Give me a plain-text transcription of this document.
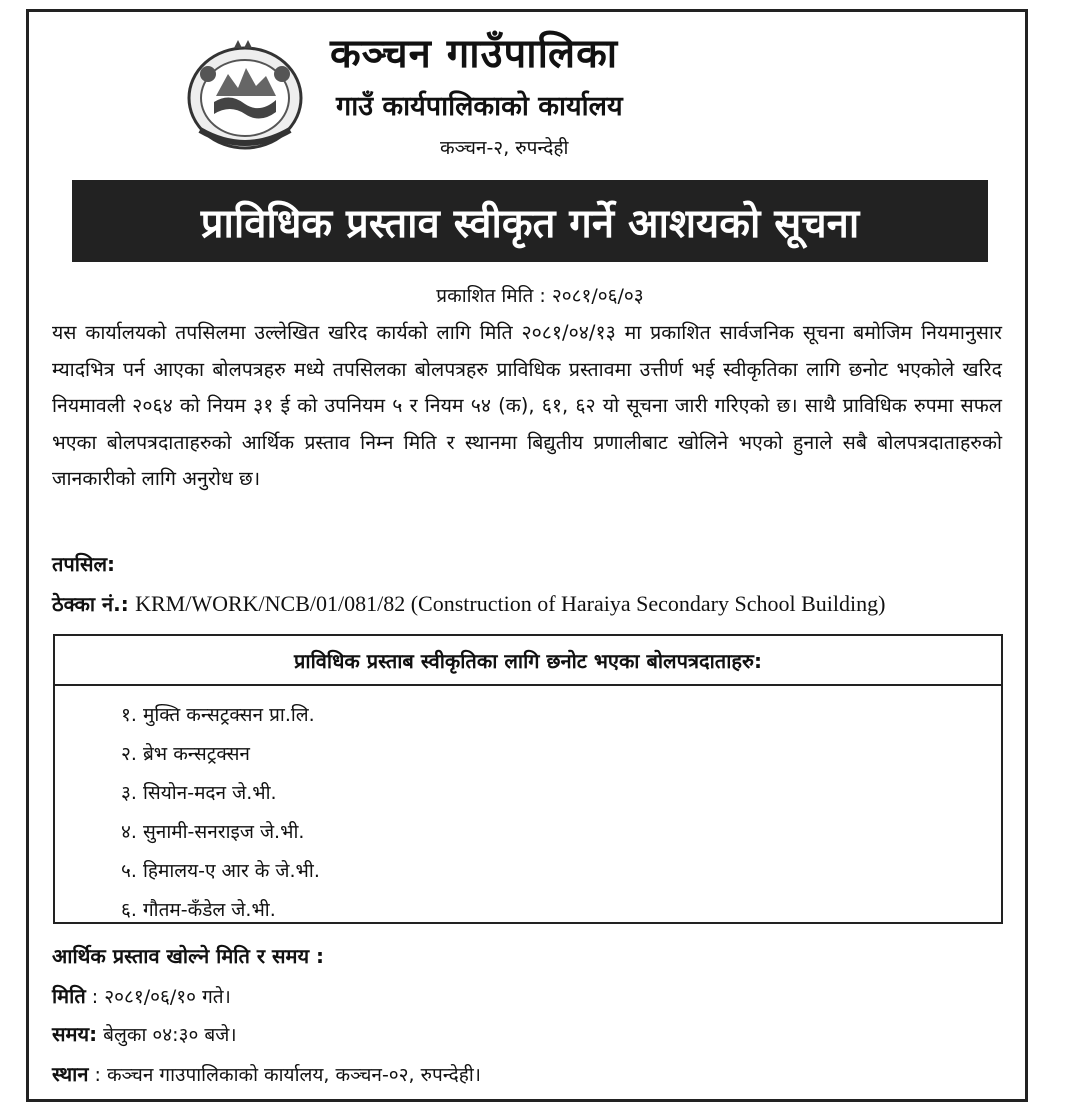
कञ्चन गाउँपालिका
गाउँ कार्यपालिकाको कार्यालय
कञ्चन-२, रुपन्देही
प्राविधिक प्रस्ताव स्वीकृत गर्ने आशयको सूचना
प्रकाशित मिति : २०८१/०६/०३
यस कार्यालयको तपसिलमा उल्लेखित खरिद कार्यको लागि मिति २०८१/०४/१३ मा प्रकाशित सार्वजनिक सूचना बमोजिम नियमानुसार म्यादभित्र पर्न आएका बोलपत्रहरु मध्ये तपसिलका बोलपत्रहरु प्राविधिक प्रस्तावमा उत्तीर्ण भई स्वीकृतिका लागि छनोट भएकोले खरिद नियमावली २०६४ को नियम ३१ ई को उपनियम ५ र नियम ५४ (क), ६१, ६२ यो सूचना जारी गरिएको छ। साथै प्राविधिक रुपमा सफल भएका बोलपत्रदाताहरुको आर्थिक प्रस्ताव निम्न मिति र स्थानमा बिद्युतीय प्रणालीबाट खोलिने भएको हुनाले सबै बोलपत्रदाताहरुको जानकारीको लागि अनुरोध छ।
तपसिल:
ठेक्का नं.: KRM/WORK/NCB/01/081/82 (Construction of Haraiya Secondary School Building)
प्राविधिक प्रस्ताब स्वीकृतिका लागि छनोट भएका बोलपत्रदाताहरु:
१. मुक्ति कन्सट्रक्सन प्रा.लि.
२. ब्रेभ कन्सट्रक्सन
३. सियोन-मदन जे.भी.
४. सुनामी-सनराइज जे.भी.
५. हिमालय-ए आर के जे.भी.
६. गौतम-कँडेल जे.भी.
आर्थिक प्रस्ताव खोल्ने मिति र समय :
मिति : २०८१/०६/१० गते।
समय: बेलुका ०४:३० बजे।
स्थान : कञ्चन गाउपालिकाको कार्यालय, कञ्चन-०२, रुपन्देही।
